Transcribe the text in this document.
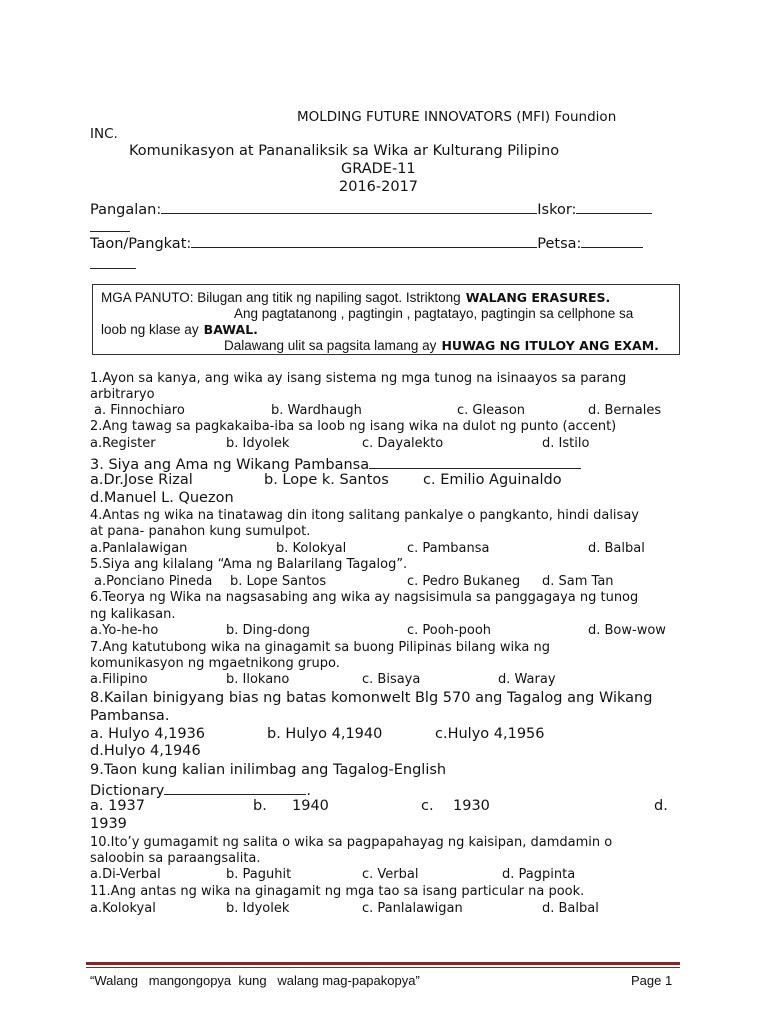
MOLDING FUTURE INNOVATORS (MFI) Foundion
INC.
Komunikasyon at Pananaliksik sa Wika ar Kulturang Pilipino
GRADE-11
2016-2017
Pangalan:	Iskor:
Taon/Pangkat:	Petsa:
MGA PANUTO: Bilugan ang titik ng napiling sagot. Istriktong WALANG ERASURES.
Ang pagtatanong , pagtingin , pagtatayo, pagtingin sa cellphone sa
loob ng klase ay BAWAL.
Dalawang ulit sa pagsita lamang ay HUWAG NG ITULOY ANG EXAM.
1.Ayon sa kanya, ang wika ay isang sistema ng mga tunog na isinaayos sa parang
arbitraryo
a. Finnochiaro	b. Wardhaugh	c. Gleason	d. Bernales
2.Ang tawag sa pagkakaiba-iba sa loob ng isang wika na dulot ng punto (accent)
a.Register	b. Idyolek	c. Dayalekto	d. Istilo
3. Siya ang Ama ng Wikang Pambansa
a.Dr.Jose Rizal	b. Lope k. Santos c. Emilio Aguinaldo
d.Manuel L. Quezon
4.Antas ng wika na tinatawag din itong salitang pankalye o pangkanto, hindi dalisay
at pana- panahon kung sumulpot.
a.Panlalawigan	b. Kolokyal	c. Pambansa	d. Balbal
5.Siya ang kilalang “Ama ng Balarilang Tagalog”.
a.Ponciano Pineda b. Lope Santos	c. Pedro Bukaneg d. Sam Tan
6.Teorya ng Wika na nagsasabing ang wika ay nagsisimula sa panggagaya ng tunog
ng kalikasan.
a.Yo-he-ho	b. Ding-dong	c. Pooh-pooh	d. Bow-wow
7.Ang katutubong wika na ginagamit sa buong Pilipinas bilang wika ng
komunikasyon ng mgaetnikong grupo.
a.Filipino	b. Ilokano	c. Bisaya	d. Waray
8.Kailan binigyang bias ng batas komonwelt Blg 570 ang Tagalog ang Wikang
Pambansa.
a. Hulyo 4,1936	b. Hulyo 4,1940	c.Hulyo 4,1956
d.Hulyo 4,1946
9.Taon kung kalian inilimbag ang Tagalog-English
Dictionary	.
a. 1937	b. 1940	c. 1930	d.
1939
10.Ito’y gumagamit ng salita o wika sa pagpapahayag ng kaisipan, damdamin o
saloobin sa paraangsalita.
a.Di-Verbal	b. Paguhit	c. Verbal	d. Pagpinta
11.Ang antas ng wika na ginagamit ng mga tao sa isang particular na pook.
a.Kolokyal	b. Idyolek	c. Panlalawigan	d. Balbal
“Walang   mangongopya  kung   walang mag-papakopya”	Page 1
